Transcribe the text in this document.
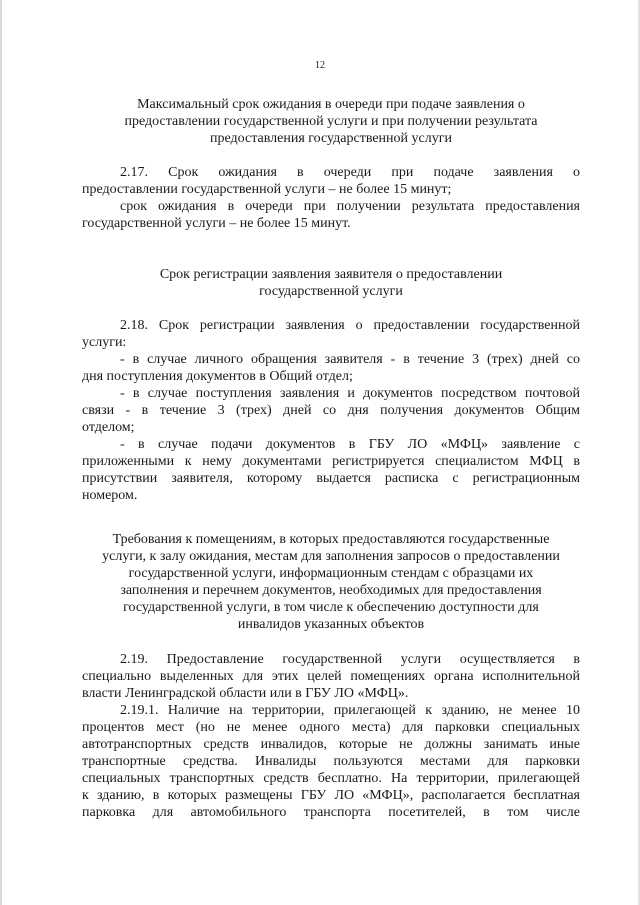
12
Максимальный срок ожидания в очереди при подаче заявления о
предоставлении государственной услуги и при получении результата
предоставления государственной услуги
2.17. Срок ожидания в очереди при подаче заявления о
предоставлении государственной услуги – не более 15 минут;
срок ожидания в очереди при получении результата предоставления
государственной услуги – не более 15 минут.
Срок регистрации заявления заявителя о предоставлении
государственной услуги
2.18. Срок регистрации заявления о предоставлении государственной
услуги:
- в случае личного обращения заявителя - в течение 3 (трех) дней со
дня поступления документов в Общий отдел;
- в случае поступления заявления и документов посредством почтовой
связи - в течение 3 (трех) дней со дня получения документов Общим
отделом;
- в случае подачи документов в ГБУ ЛО «МФЦ» заявление с
приложенными к нему документами регистрируется специалистом МФЦ в
присутствии заявителя, которому выдается расписка с регистрационным
номером.
Требования к помещениям, в которых предоставляются государственные
услуги, к залу ожидания, местам для заполнения запросов о предоставлении
государственной услуги, информационным стендам с образцами их
заполнения и перечнем документов, необходимых для предоставления
государственной услуги, в том числе к обеспечению доступности для
инвалидов указанных объектов
2.19. Предоставление государственной услуги осуществляется в
специально выделенных для этих целей помещениях органа исполнительной
власти Ленинградской области или в ГБУ ЛО «МФЦ».
2.19.1. Наличие на территории, прилегающей к зданию, не менее 10
процентов мест (но не менее одного места) для парковки специальных
автотранспортных средств инвалидов, которые не должны занимать иные
транспортные средства. Инвалиды пользуются местами для парковки
специальных транспортных средств бесплатно. На территории, прилегающей
к зданию, в которых размещены ГБУ ЛО «МФЦ», располагается бесплатная
парковка для автомобильного транспорта посетителей, в том числе
